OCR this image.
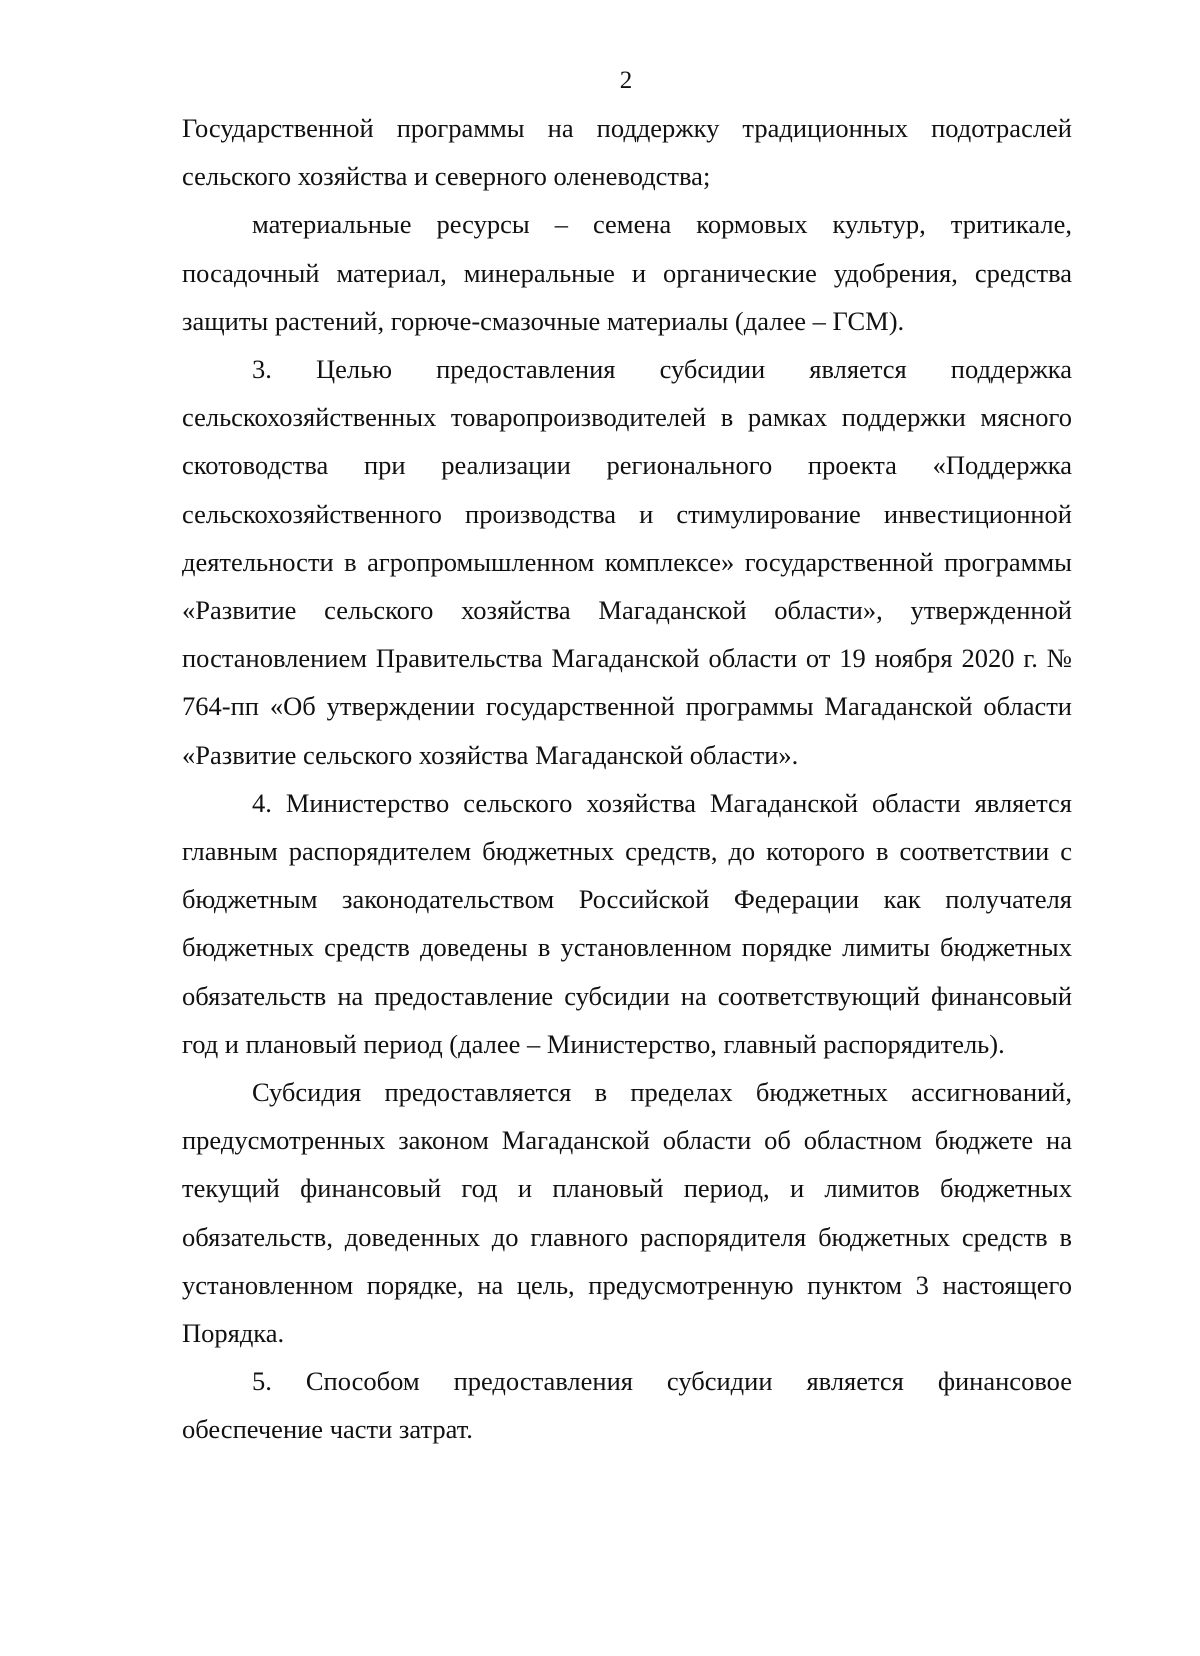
2

Государственной программы на поддержку традиционных подотраслей сельского хозяйства и северного оленеводства;

материальные ресурсы – семена кормовых культур, тритикале, посадочный материал, минеральные и органические удобрения, средства защиты растений, горюче-смазочные материалы (далее – ГСМ).

3. Целью предоставления субсидии является поддержка сельскохозяйственных товаропроизводителей в рамках поддержки мясного скотоводства при реализации регионального проекта «Поддержка сельскохозяйственного производства и стимулирование инвестиционной деятельности в агропромышленном комплексе» государственной программы «Развитие сельского хозяйства Магаданской области», утвержденной постановлением Правительства Магаданской области от 19 ноября 2020 г. № 764-пп «Об утверждении государственной программы Магаданской области «Развитие сельского хозяйства Магаданской области».

4. Министерство сельского хозяйства Магаданской области является главным распорядителем бюджетных средств, до которого в соответствии с бюджетным законодательством Российской Федерации как получателя бюджетных средств доведены в установленном порядке лимиты бюджетных обязательств на предоставление субсидии на соответствующий финансовый год и плановый период (далее – Министерство, главный распорядитель).

Субсидия предоставляется в пределах бюджетных ассигнований, предусмотренных законом Магаданской области об областном бюджете на текущий финансовый год и плановый период, и лимитов бюджетных обязательств, доведенных до главного распорядителя бюджетных средств в установленном порядке, на цель, предусмотренную пунктом 3 настоящего Порядка.

5. Способом предоставления субсидии является финансовое обеспечение части затрат.
